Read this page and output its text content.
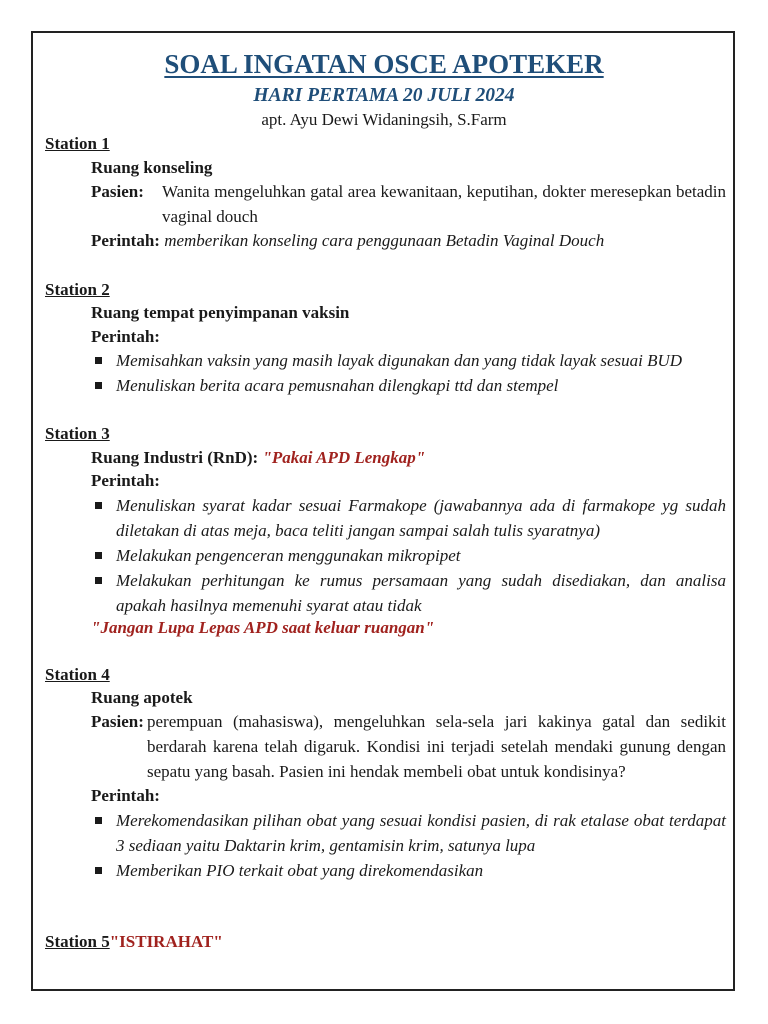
SOAL INGATAN OSCE APOTEKER
HARI PERTAMA 20 JULI 2024

apt. Ayu Dewi Widaningsih, S.Farm

Station 1

Ruang konseling

Pasien:	Wanita mengeluhkan gatal area kewanitaan, keputihan, dokter meresepkan betadin vaginal douch
Perintah: memberikan konseling cara penggunaan Betadin Vaginal Douch

Station 2

Ruang tempat penyimpanan vaksin

Perintah:

Memisahkan vaksin yang masih layak digunakan dan yang tidak layak sesuai BUD
Menuliskan berita acara pemusnahan dilengkapi ttd dan stempel

Station 3

Ruang Industri (RnD): "Pakai APD Lengkap"

Perintah:

Menuliskan syarat kadar sesuai Farmakope (jawabannya ada di farmakope yg sudah diletakan di atas meja, baca teliti jangan sampai salah tulis syaratnya)
Melakukan pengenceran menggunakan mikropipet
Melakukan perhitungan ke rumus persamaan yang sudah disediakan, dan analisa apakah hasilnya memenuhi syarat atau tidak

"Jangan Lupa Lepas APD saat keluar ruangan"

Station 4

Ruang apotek

Pasien: perempuan (mahasiswa), mengeluhkan sela-sela jari kakinya gatal dan sedikit berdarah karena telah digaruk. Kondisi ini terjadi setelah mendaki gunung dengan sepatu yang basah. Pasien ini hendak membeli obat untuk kondisinya?

Perintah:

Merekomendasikan pilihan obat yang sesuai kondisi pasien, di rak etalase obat terdapat 3 sediaan yaitu Daktarin krim, gentamisin krim, satunya lupa
Memberikan PIO terkait obat yang direkomendasikan

Station 5"ISTIRAHAT"
